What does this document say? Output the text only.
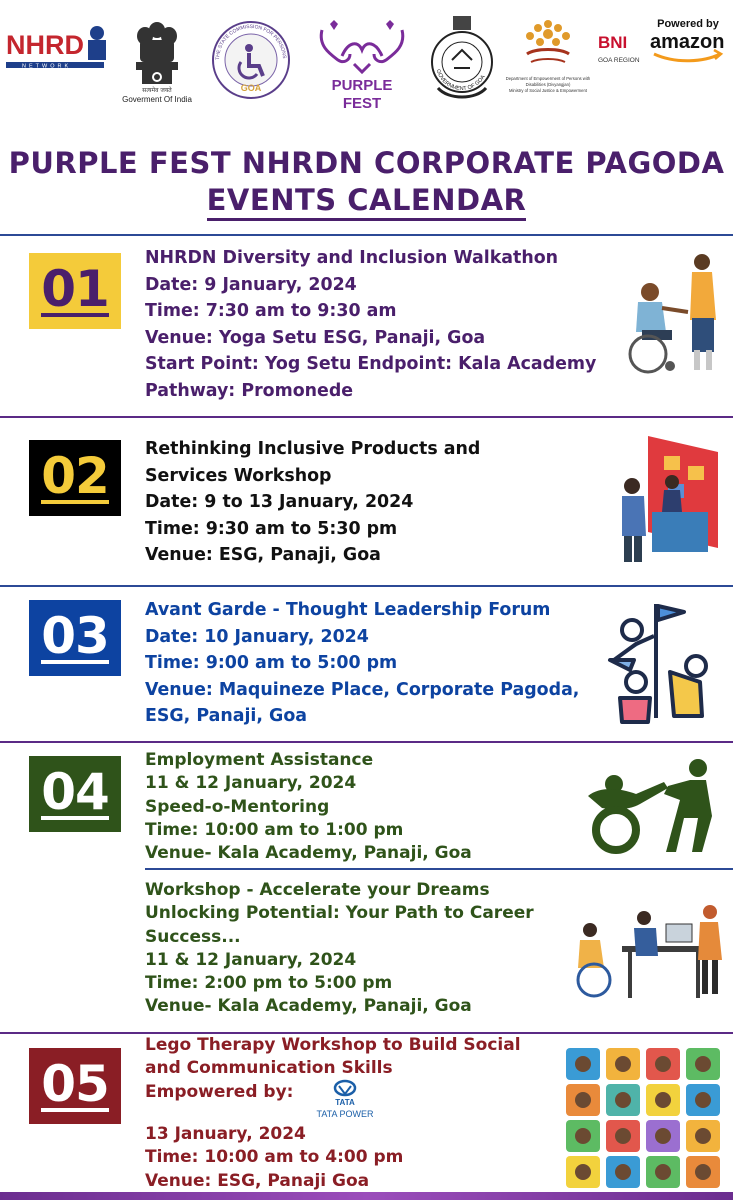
NHRD
NETWORK
सत्यमेव जयते
Goverment Of India
GOA
THE STATE COMMISSION FOR PERSONS
PURPLE
FEST
GOVERNMENT OF GOA	Department of Empowerment of Persons with
Disabilities (Divyangjan)
Ministry of Social Justice & Empowerment
Powered by
BNI
GOA REGION
amazon
PURPLE FEST NHRDN CORPORATE PAGODA
EVENTS CALENDAR
01
NHRDN Diversity and Inclusion Walkathon
Date: 9 January, 2024
Time: 7:30 am to 9:30 am
Venue: Yoga Setu ESG, Panaji, Goa
Start Point: Yog Setu Endpoint: Kala Academy
Pathway: Promonede
02 Rethinking Inclusive Products and
Services Workshop
Date: 9 to 13 January, 2024
Time: 9:30 am to 5:30 pm
Venue: ESG, Panaji, Goa
03 Avant Garde - Thought Leadership Forum
Date: 10 January, 2024
Time: 9:00 am to 5:00 pm
Venue: Maquineze Place, Corporate Pagoda,
ESG, Panaji, Goa
04
Employment Assistance
11 & 12 January, 2024
Speed-o-Mentoring
Time: 10:00 am to 1:00 pm
Venue- Kala Academy, Panaji, Goa
Workshop - Accelerate your Dreams
Unlocking Potential: Your Path to Career
Success...
11 & 12 January, 2024
Time: 2:00 pm to 5:00 pm
Venue- Kala Academy, Panaji, Goa
05
Lego Therapy Workshop to Build Social
and Communication Skills
Empowered by:
TATA
TATA POWER
13 January, 2024
Time: 10:00 am to 4:00 pm
Venue: ESG, Panaji Goa
